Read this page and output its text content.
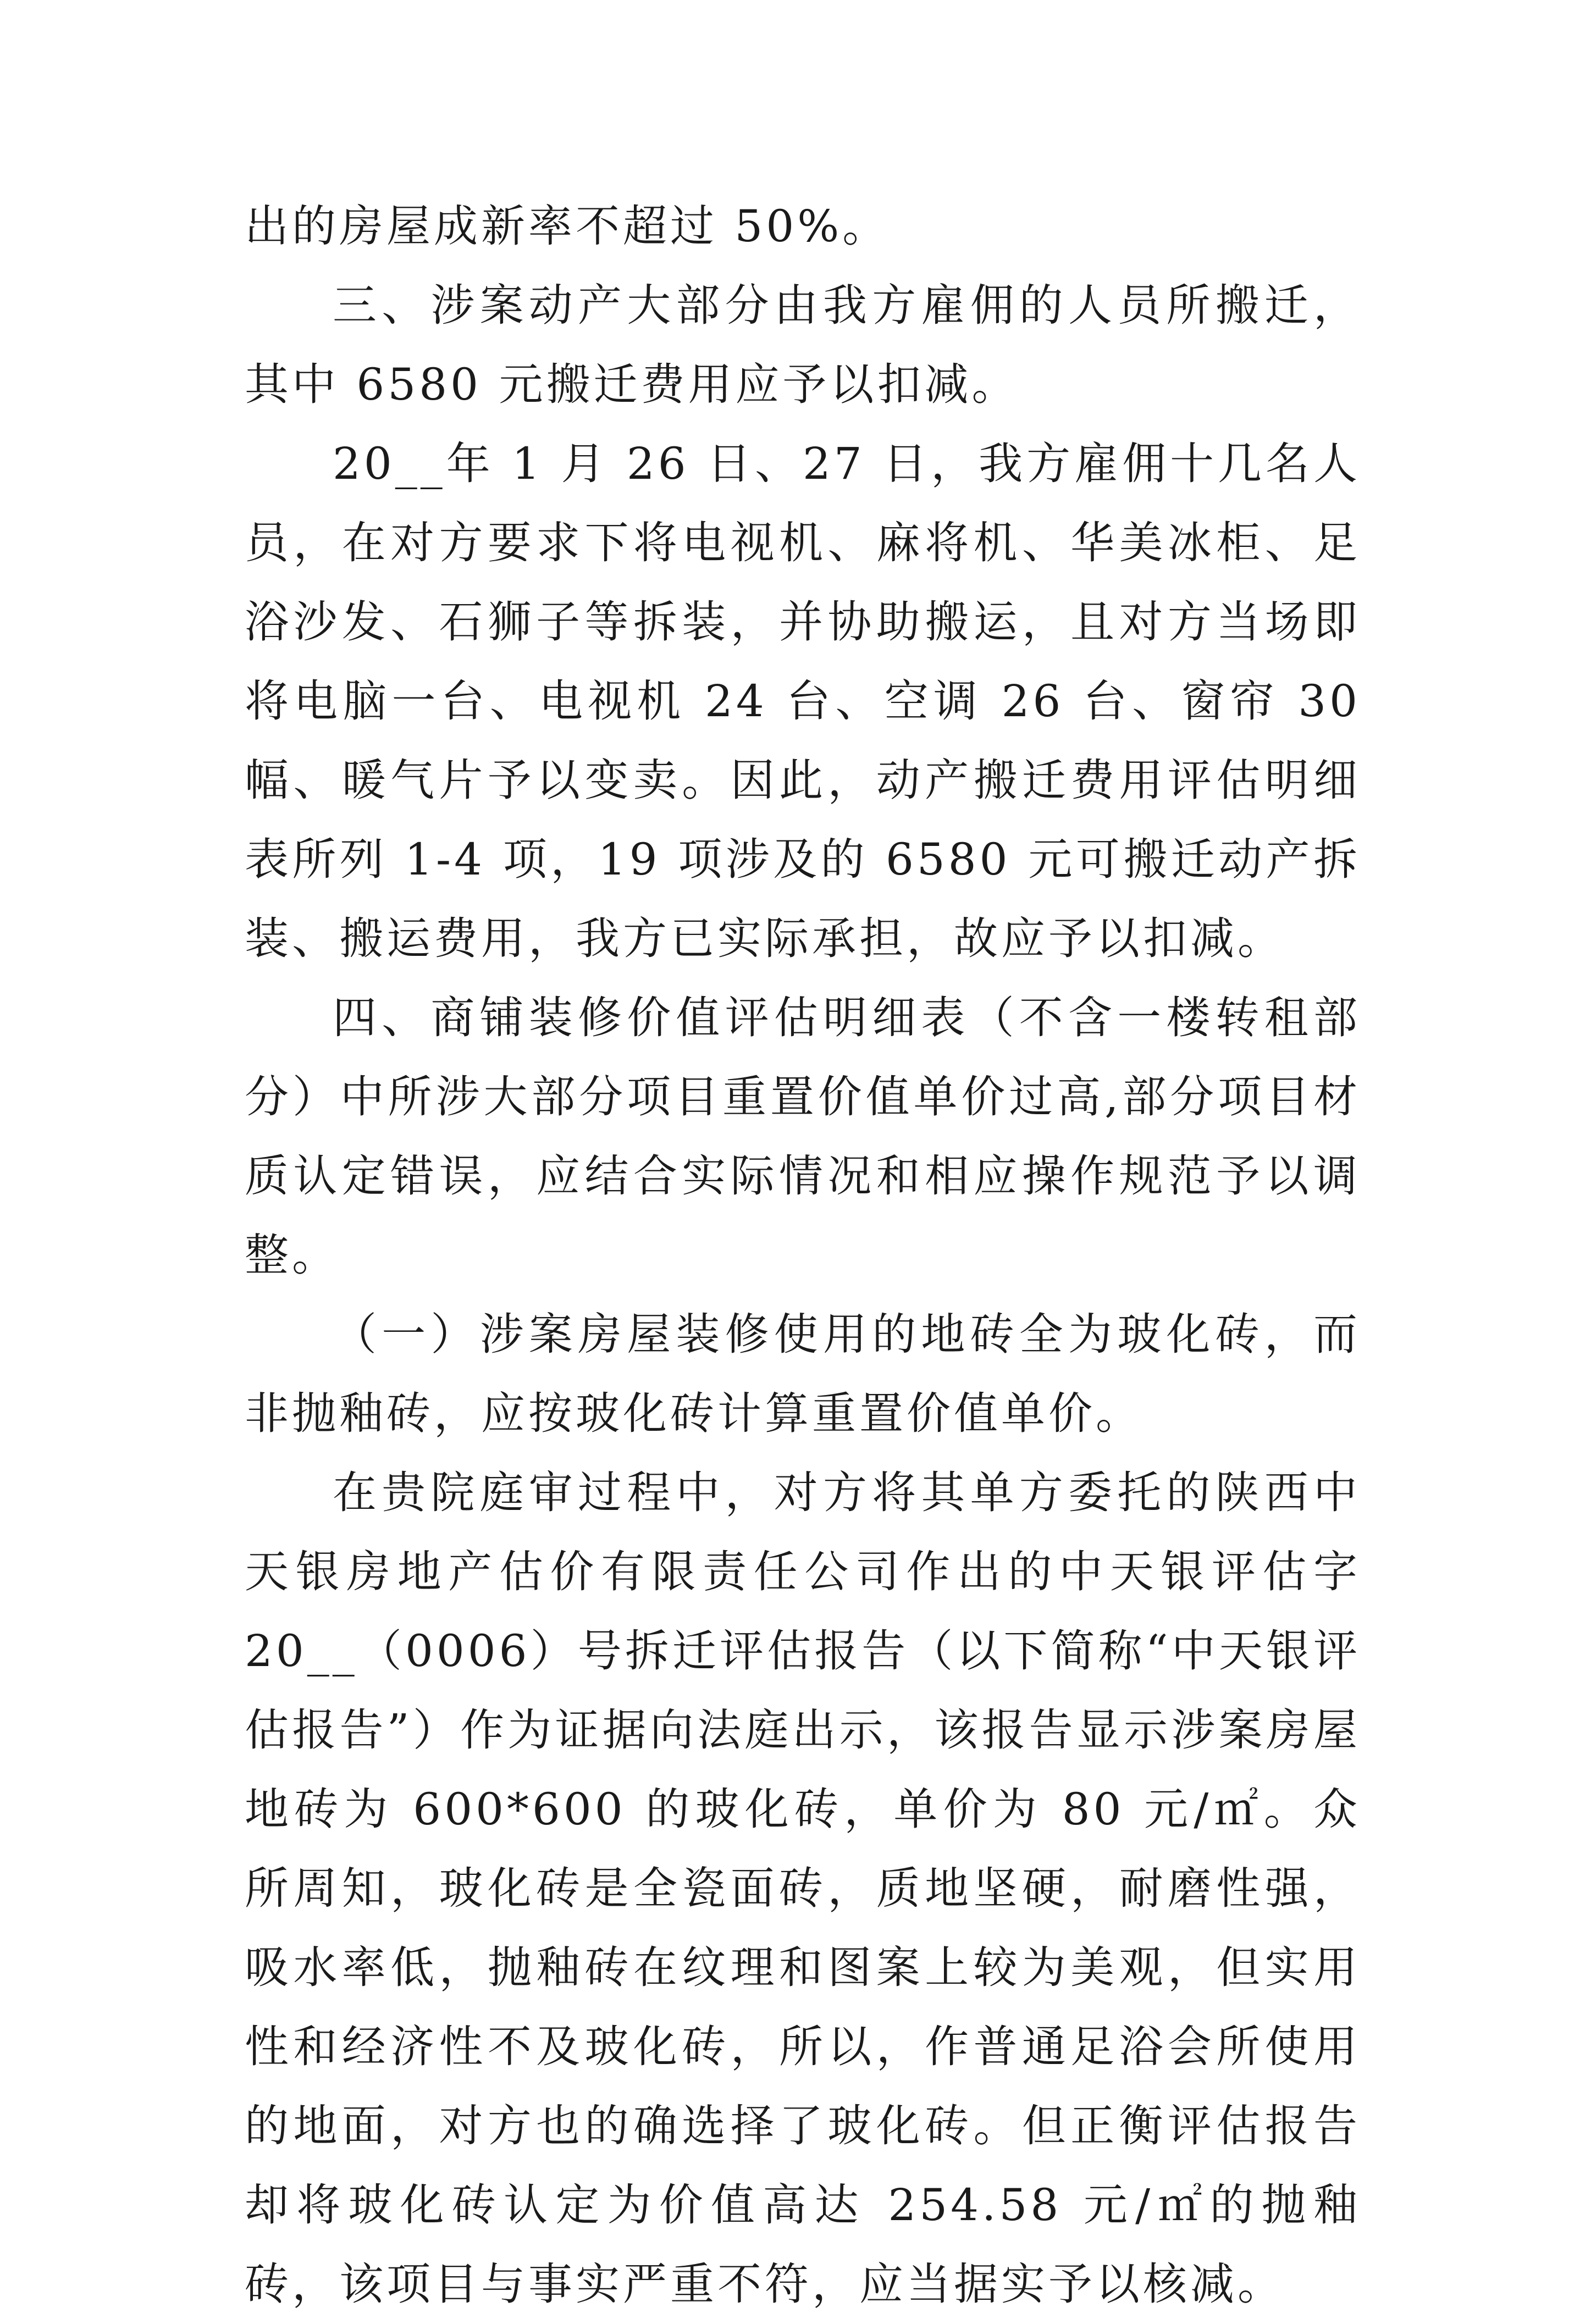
出的房屋成新率不超过 50%。

三、涉案动产大部分由我方雇佣的人员所搬迁，其中 6580 元搬迁费用应予以扣减。

20__年 1 月 26 日、27 日，我方雇佣十几名人员，在对方要求下将电视机、麻将机、华美冰柜、足浴沙发、石狮子等拆装，并协助搬运，且对方当场即将电脑一台、电视机 24 台、空调 26 台、窗帘 30 幅、暖气片予以变卖。因此，动产搬迁费用评估明细表所列 1-4 项，19 项涉及的 6580 元可搬迁动产拆装、搬运费用，我方已实际承担，故应予以扣减。

四、商铺装修价值评估明细表（不含一楼转租部分）中所涉大部分项目重置价值单价过高,部分项目材质认定错误，应结合实际情况和相应操作规范予以调整。

（一）涉案房屋装修使用的地砖全为玻化砖，而非抛釉砖，应按玻化砖计算重置价值单价。

在贵院庭审过程中，对方将其单方委托的陕西中天银房地产估价有限责任公司作出的中天银评估字 20__（0006）号拆迁评估报告（以下简称“中天银评估报告”）作为证据向法庭出示，该报告显示涉案房屋地砖为 600*600 的玻化砖，单价为 80 元/㎡。众所周知，玻化砖是全瓷面砖，质地坚硬，耐磨性强，吸水率低，抛釉砖在纹理和图案上较为美观，但实用性和经济性不及玻化砖，所以，作普通足浴会所使用的地面，对方也的确选择了玻化砖。但正衡评估报告却将玻化砖认定为价值高达 254.58 元/㎡的抛釉砖，该项目与事实严重不符，应当据实予以核减。
